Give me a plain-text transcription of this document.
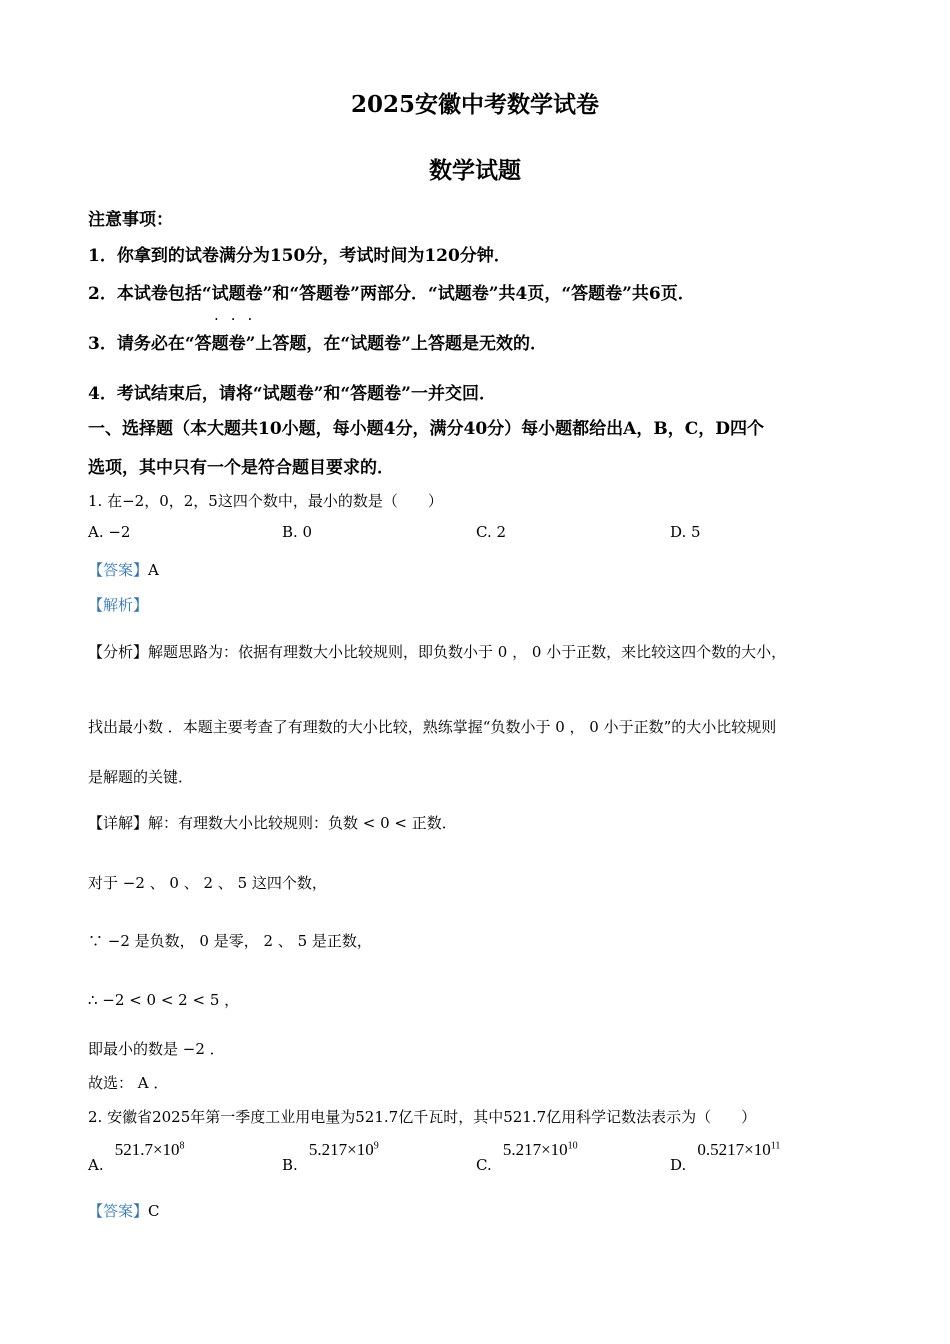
2025安徽中考数学试卷
数学试题
注意事项：
1．你拿到的试卷满分为150分，考试时间为120分钟．
2．本试卷包括“试题卷”和“答题卷”两部分．“试题卷”共4页，“答题卷”共6页．
...
3．请务必在“答题卷”上答题，在“试题卷”上答题是无效的．
4．考试结束后，请将“试题卷”和“答题卷”一并交回．
一、选择题（本大题共10小题，每小题4分，满分40分）每小题都给出A，B，C，D四个
选项，其中只有一个是符合题目要求的．
1. 在−2，0，2，5这四个数中，最小的数是（　　）
A. −2	B. 0	C. 2	D. 5
【答案】A
【解析】
【分析】解题思路为：依据有理数大小比较规则，即负数小于 0 ， 0 小于正数，来比较这四个数的大小，
找出最小数 ．本题主要考查了有理数的大小比较，熟练掌握“负数小于 0 ， 0 小于正数”的大小比较规则
是解题的关键．
【详解】解：有理数大小比较规则：负数 < 0 < 正数．
对于 −2 、 0 、 2 、 5 这四个数，
∵ −2 是负数， 0 是零， 2 、 5 是正数，
∴ −2 < 0 < 2 < 5 ，
即最小的数是 −2 ．
故选： A ．
2. 安徽省2025年第一季度工业用电量为521.7亿千瓦时，其中521.7亿用科学记数法表示为（　　）
A. $521.7\times 10^8$
B. $5.217\times 10^9$
C. $5.217\times 10^{10}$
D. $0.5217\times 10^{11}$
【答案】C
